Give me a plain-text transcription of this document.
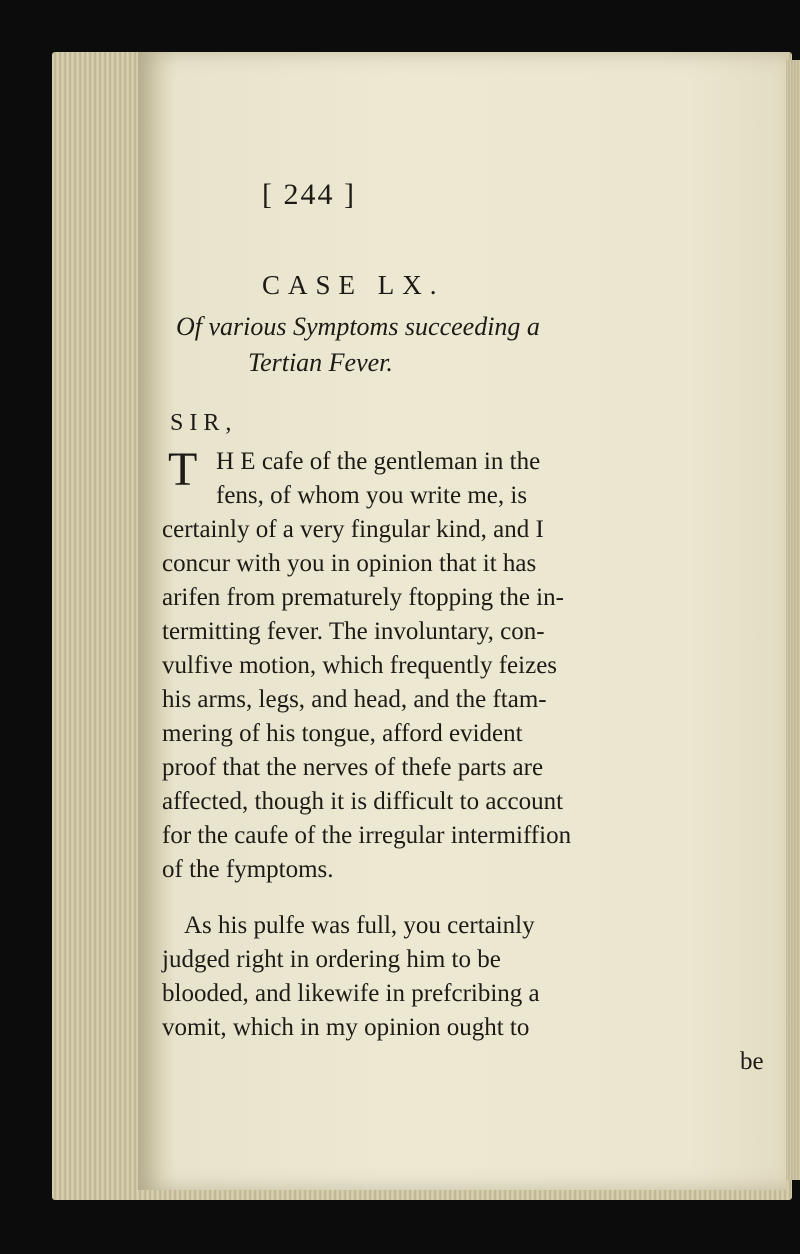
[ 244 ]
CASE LX.
Of various Symptoms succeeding a
Tertian Fever.
SIR,
T H E cafe of the gentleman in the
fens, of whom you write me, is
certainly of a very fingular kind, and I
concur with you in opinion that it has
arifen from prematurely ftopping the in-
termitting fever. The involuntary, con-
vulfive motion, which frequently feizes
his arms, legs, and head, and the ftam-
mering of his tongue, afford evident
proof that the nerves of thefe parts are
affected, though it is difficult to account
for the caufe of the irregular intermiffion
of the fymptoms.
As his pulfe was full, you certainly
judged right in ordering him to be
blooded, and likewife in prefcribing a
vomit, which in my opinion ought to
be
